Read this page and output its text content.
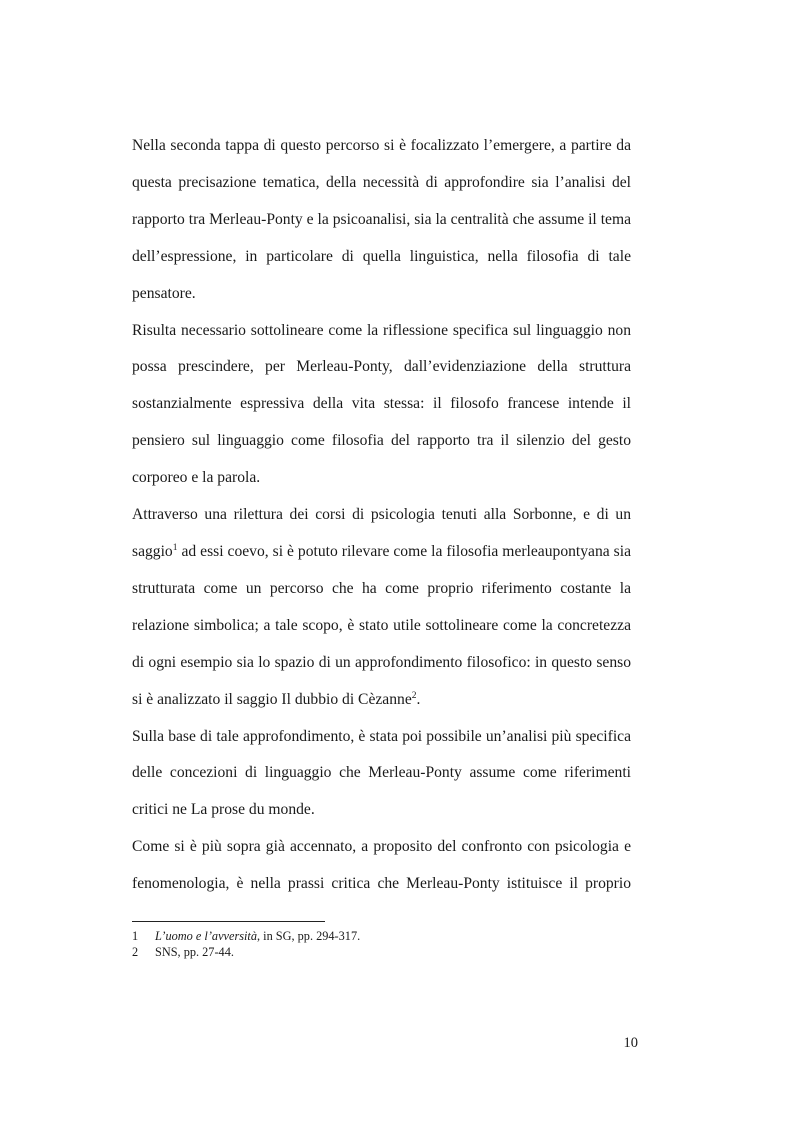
Nella seconda tappa di questo percorso si è focalizzato l’emergere, a partire da questa precisazione tematica, della necessità di approfondire sia l’analisi del rapporto tra Merleau-Ponty e la psicoanalisi, sia la centralità che assume il tema dell’espressione, in particolare di quella linguistica, nella filosofia di tale pensatore.

Risulta necessario sottolineare come la riflessione specifica sul linguaggio non possa prescindere, per Merleau-Ponty, dall’evidenziazione della struttura sostanzialmente espressiva della vita stessa: il filosofo francese intende il pensiero sul linguaggio come filosofia del rapporto tra il silenzio del gesto corporeo e la parola.

Attraverso una rilettura dei corsi di psicologia tenuti alla Sorbonne, e di un saggio$^1$ ad essi coevo, si è potuto rilevare come la filosofia merleaupontyana sia strutturata come un percorso che ha come proprio riferimento costante la relazione simbolica; a tale scopo, è stato utile sottolineare come la concretezza di ogni esempio sia lo spazio di un approfondimento filosofico: in questo senso si è analizzato il saggio Il dubbio di Cèzanne$^2$.

Sulla base di tale approfondimento, è stata poi possibile un’analisi più specifica delle concezioni di linguaggio che Merleau-Ponty assume come riferimenti critici ne La prose du monde.

Come si è più sopra già accennato, a proposito del confronto con psicologia e fenomenologia, è nella prassi critica che Merleau-Ponty istituisce il proprio

1	L’uomo e l’avversità, in SG, pp. 294-317.
2	SNS, pp. 27-44.
10
